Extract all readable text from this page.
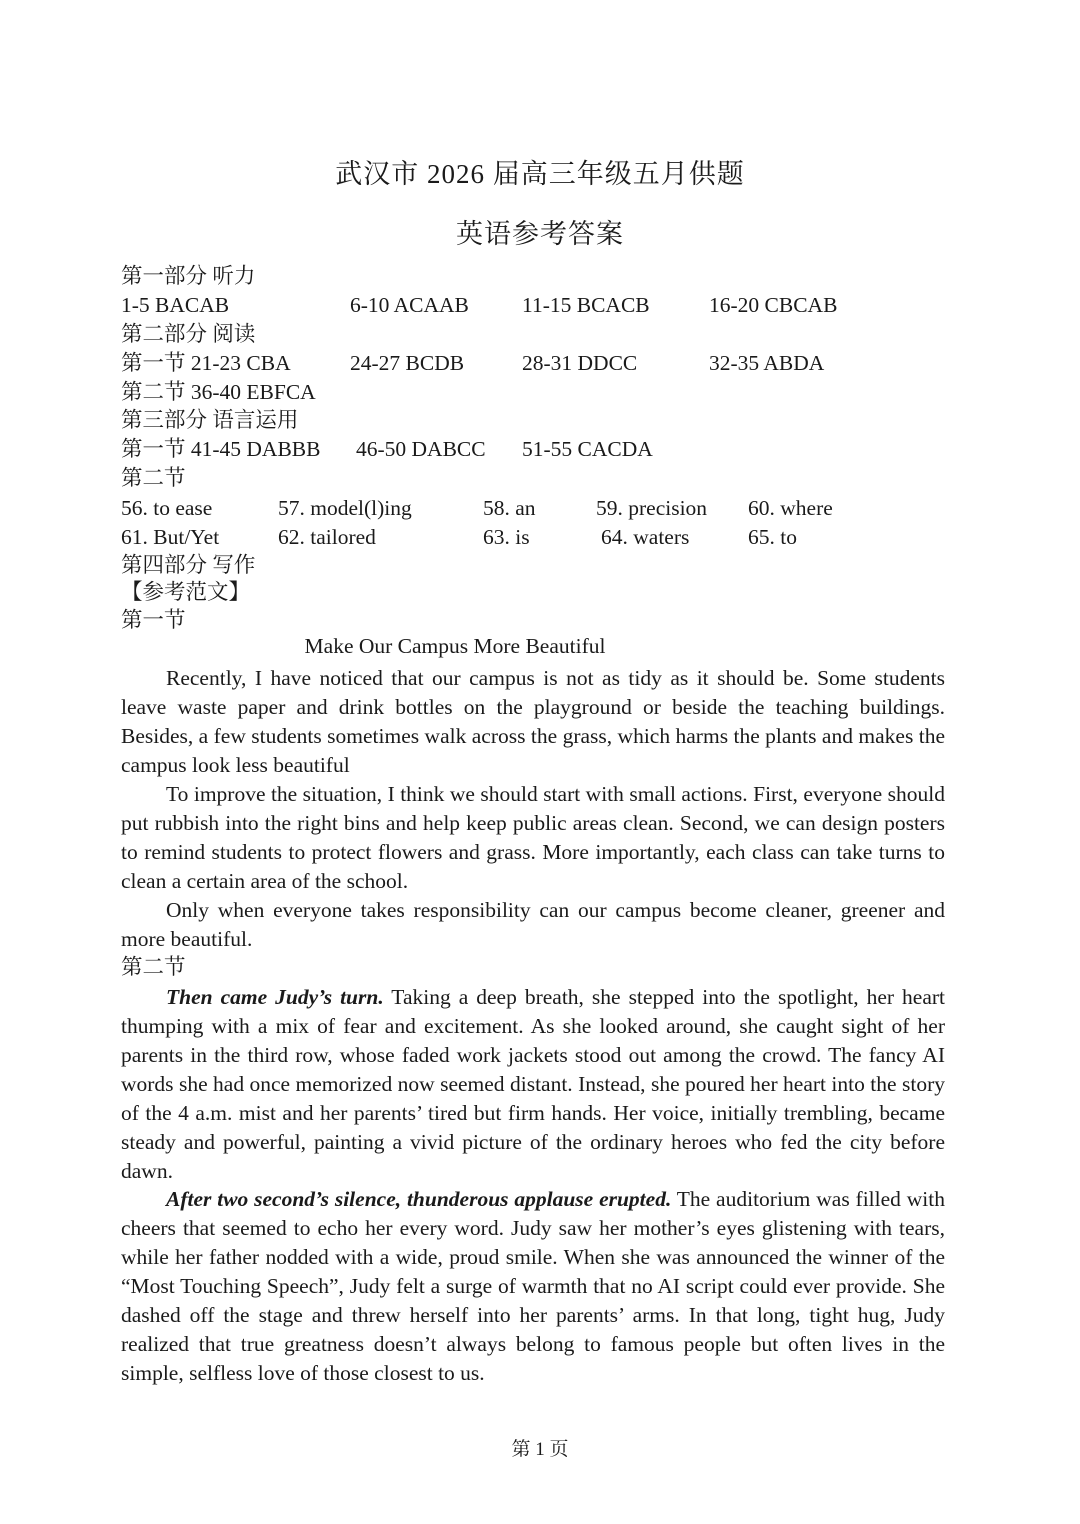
武汉市 2026 届高三年级五月供题
英语参考答案
第一部分 听力
1-5 BACAB	6-10 ACAAB 11-15 BCACB	16-20 CBCAB
第二部分 阅读
第一节 21-23 CBA	24-27 BCDB	28-31 DDCC	32-35 ABDA
第二节 36-40 EBFCA
第三部分 语言运用
第一节 41-45 DABBB 46-50 DABCC 51-55 CACDA
第二节
56. to ease	57. model(l)ing	58. an	59. precision 60. where
61. But/Yet	62. tailored	63. is	64. waters	65. to
第四部分 写作
【参考范文】
第一节
Make Our Campus More Beautiful

Recently, I have noticed that our campus is not as tidy as it should be. Some students leave waste paper and drink bottles on the playground or beside the teaching buildings. Besides, a few students sometimes walk across the grass, which harms the plants and makes the campus look less beautiful

To improve the situation, I think we should start with small actions. First, everyone should put rubbish into the right bins and help keep public areas clean. Second, we can design posters to remind students to protect flowers and grass. More importantly, each class can take turns to clean a certain area of the school.

Only when everyone takes responsibility can our campus become cleaner, greener and more beautiful.

第二节

Then came Judy’s turn. Taking a deep breath, she stepped into the spotlight, her heart thumping with a mix of fear and excitement. As she looked around, she caught sight of her parents in the third row, whose faded work jackets stood out among the crowd. The fancy AI words she had once memorized now seemed distant. Instead, she poured her heart into the story of the 4 a.m. mist and her parents’ tired but firm hands. Her voice, initially trembling, became steady and powerful, painting a vivid picture of the ordinary heroes who fed the city before dawn.

After two second’s silence, thunderous applause erupted. The auditorium was filled with cheers that seemed to echo her every word. Judy saw her mother’s eyes glistening with tears, while her father nodded with a wide, proud smile. When she was announced the winner of the “Most Touching Speech”, Judy felt a surge of warmth that no AI script could ever provide. She dashed off the stage and threw herself into her parents’ arms. In that long, tight hug, Judy realized that true greatness doesn’t always belong to famous people but often lives in the simple, selfless love of those closest to us.

第 1 页
